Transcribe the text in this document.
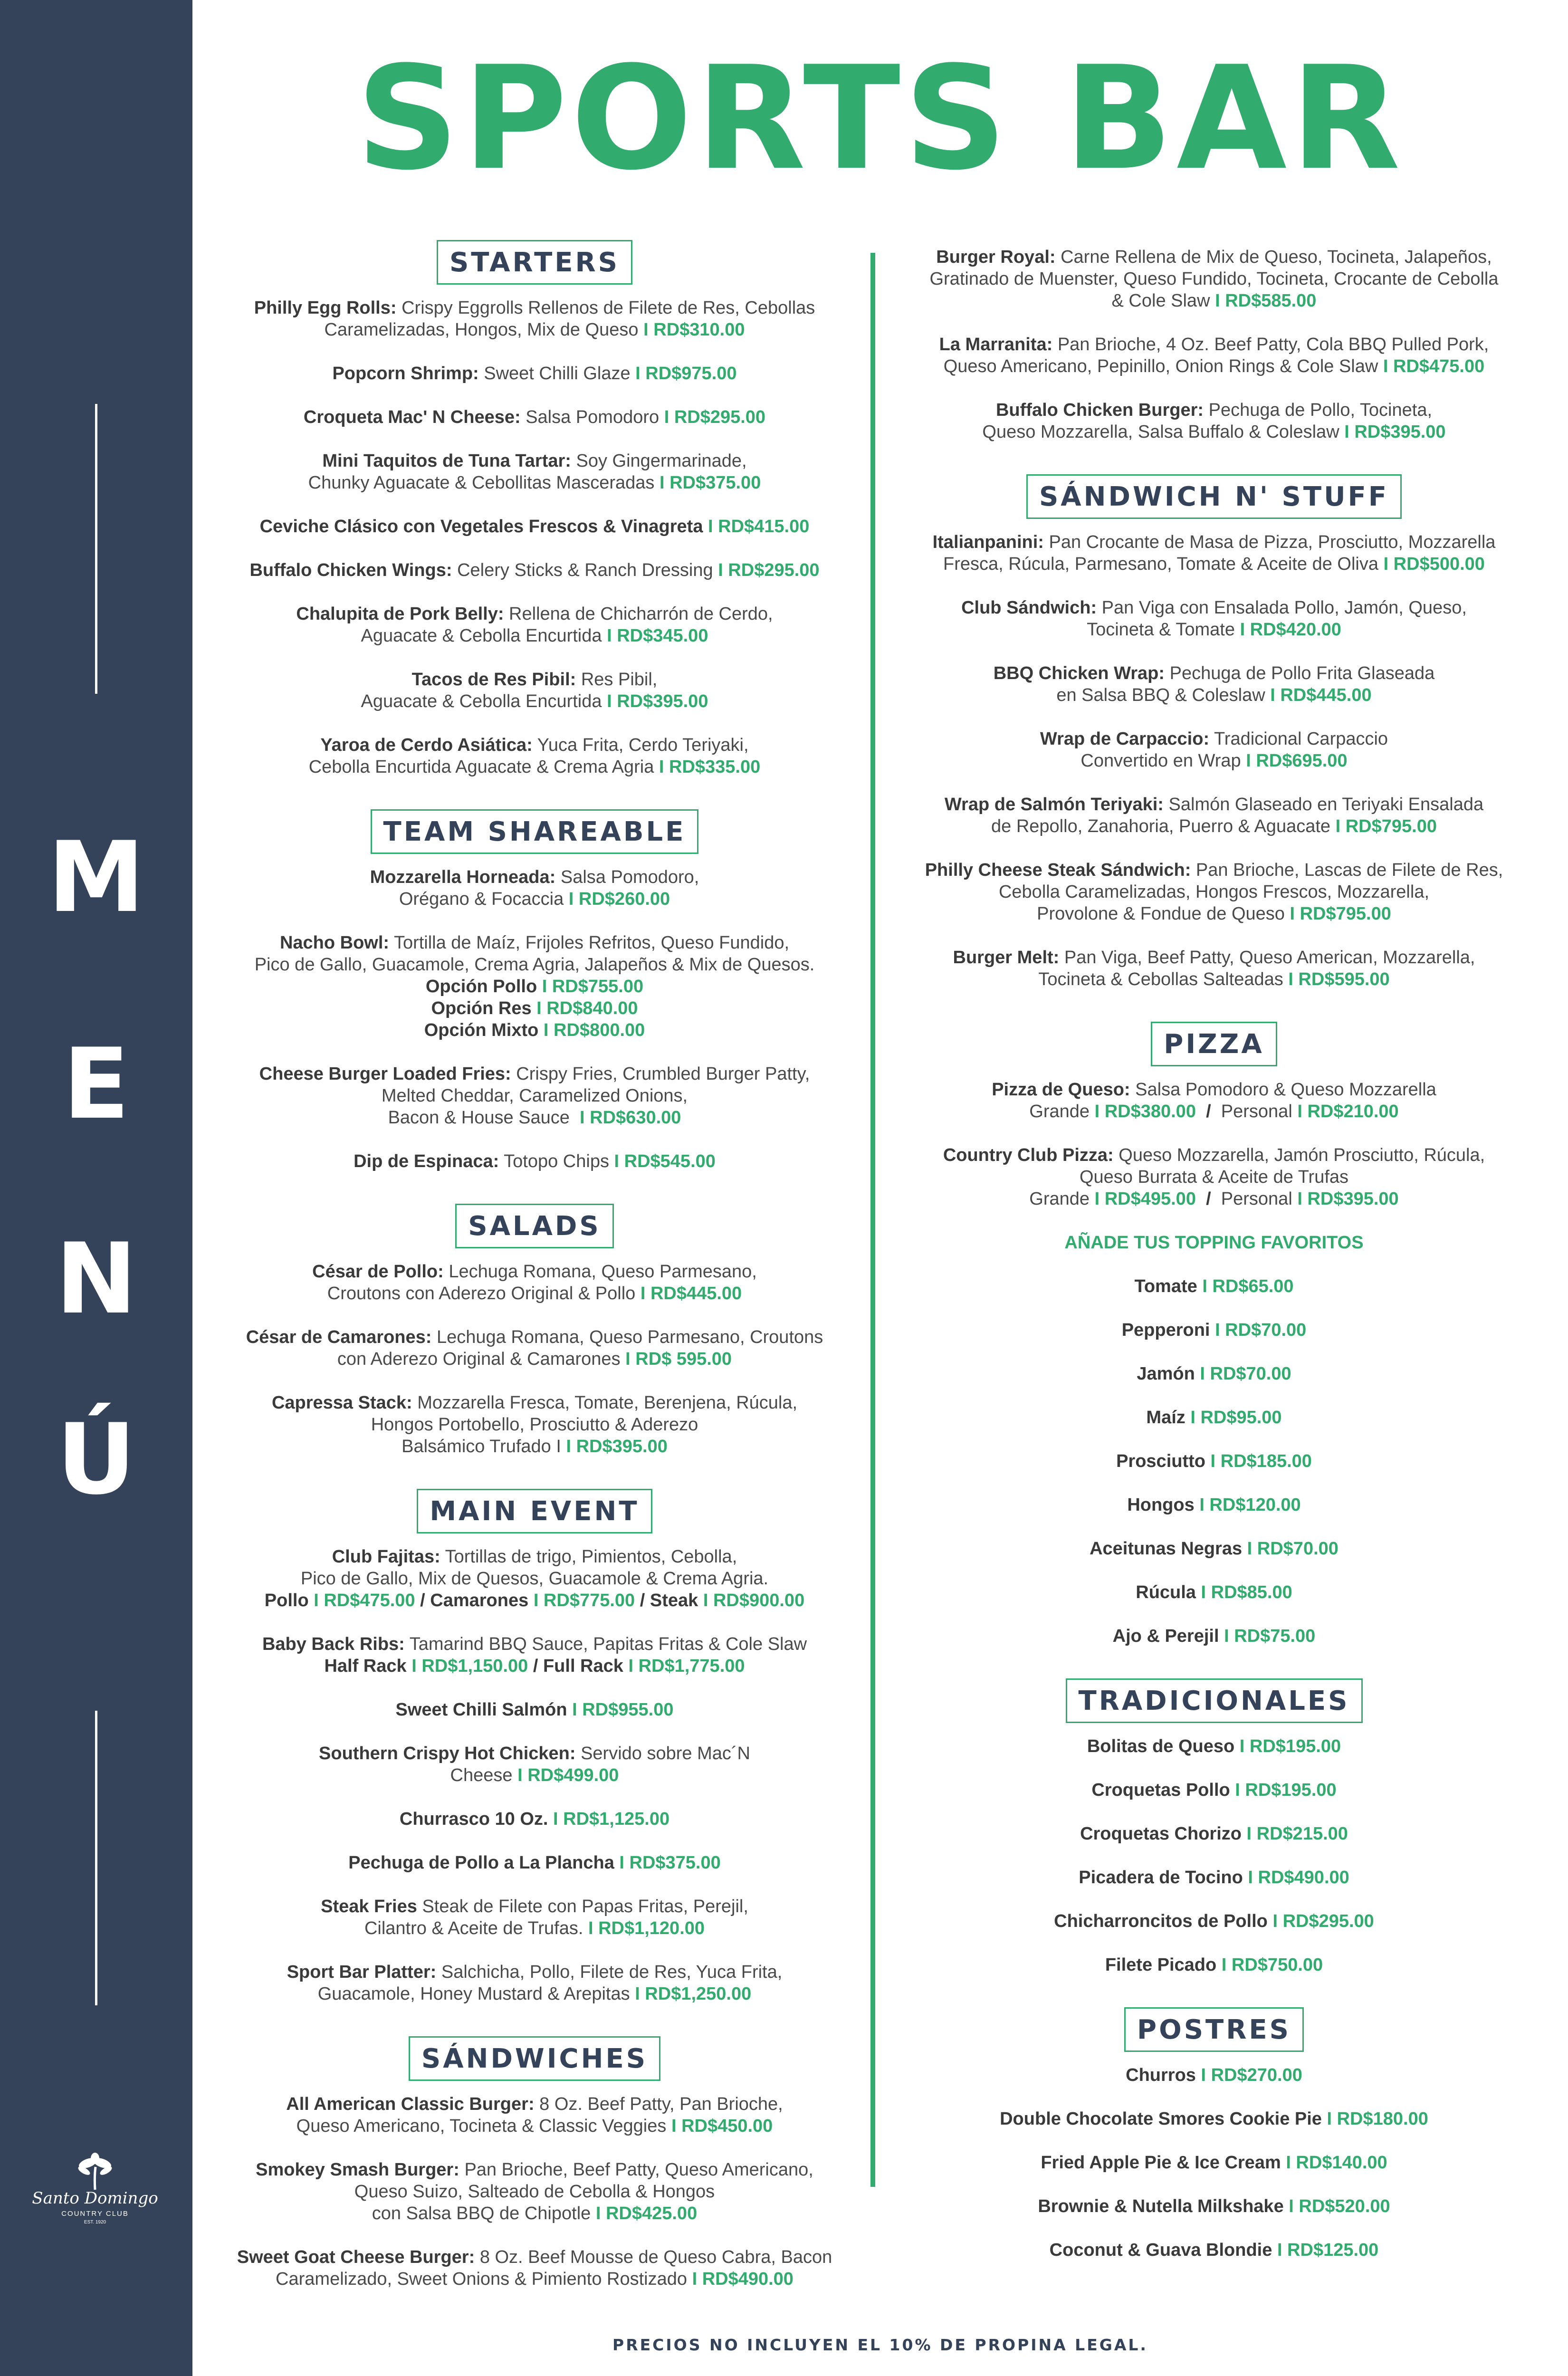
M
E
N
Ú
Santo Domingo
COUNTRY CLUB
EST. 1920
SPORTS BAR
STARTERS
Philly Egg Rolls: Crispy Eggrolls Rellenos de Filete de Res, Cebollas
Caramelizadas, Hongos, Mix de Queso I RD$310.00
Popcorn Shrimp: Sweet Chilli Glaze I RD$975.00
Croqueta Mac' N Cheese: Salsa Pomodoro I RD$295.00
Mini Taquitos de Tuna Tartar: Soy Gingermarinade,
Chunky Aguacate & Cebollitas Masceradas I RD$375.00
Ceviche Clásico con Vegetales Frescos & Vinagreta I RD$415.00
Buffalo Chicken Wings: Celery Sticks & Ranch Dressing I RD$295.00
Chalupita de Pork Belly: Rellena de Chicharrón de Cerdo,
Aguacate & Cebolla Encurtida I RD$345.00
Tacos de Res Pibil: Res Pibil,
Aguacate & Cebolla Encurtida I RD$395.00
Yaroa de Cerdo Asiática: Yuca Frita, Cerdo Teriyaki,
Cebolla Encurtida Aguacate & Crema Agria I RD$335.00
TEAM SHAREABLE
Mozzarella Horneada: Salsa Pomodoro,
Orégano & Focaccia I RD$260.00
Nacho Bowl: Tortilla de Maíz, Frijoles Refritos, Queso Fundido,
Pico de Gallo, Guacamole, Crema Agria, Jalapeños & Mix de Quesos.
Opción Pollo I RD$755.00
Opción Res I RD$840.00
Opción Mixto I RD$800.00
Cheese Burger Loaded Fries: Crispy Fries, Crumbled Burger Patty,
Melted Cheddar, Caramelized Onions,
Bacon & House Sauce I RD$630.00
Dip de Espinaca: Totopo Chips I RD$545.00
SALADS
César de Pollo: Lechuga Romana, Queso Parmesano,
Croutons con Aderezo Original & Pollo I RD$445.00
César de Camarones: Lechuga Romana, Queso Parmesano, Croutons
con Aderezo Original & Camarones I RD$ 595.00
Capressa Stack: Mozzarella Fresca, Tomate, Berenjena, Rúcula,
Hongos Portobello, Prosciutto & Aderezo
Balsámico Trufado I I RD$395.00
MAIN EVENT
Club Fajitas: Tortillas de trigo, Pimientos, Cebolla,
Pico de Gallo, Mix de Quesos, Guacamole & Crema Agria.
Pollo I RD$475.00 / Camarones I RD$775.00 / Steak I RD$900.00
Baby Back Ribs: Tamarind BBQ Sauce, Papitas Fritas & Cole Slaw
Half Rack I RD$1,150.00 / Full Rack I RD$1,775.00
Sweet Chilli Salmón I RD$955.00
Southern Crispy Hot Chicken: Servido sobre Mac´N
Cheese I RD$499.00
Churrasco 10 Oz. I RD$1,125.00
Pechuga de Pollo a La Plancha I RD$375.00
Steak Fries Steak de Filete con Papas Fritas, Perejil,
Cilantro & Aceite de Trufas. I RD$1,120.00
Sport Bar Platter: Salchicha, Pollo, Filete de Res, Yuca Frita,
Guacamole, Honey Mustard & Arepitas I RD$1,250.00
SÁNDWICHES
All American Classic Burger: 8 Oz. Beef Patty, Pan Brioche,
Queso Americano, Tocineta & Classic Veggies I RD$450.00
Smokey Smash Burger: Pan Brioche, Beef Patty, Queso Americano,
Queso Suizo, Salteado de Cebolla & Hongos
con Salsa BBQ de Chipotle I RD$425.00
Sweet Goat Cheese Burger: 8 Oz. Beef Mousse de Queso Cabra, Bacon
Caramelizado, Sweet Onions & Pimiento Rostizado I RD$490.00
Burger Royal: Carne Rellena de Mix de Queso, Tocineta, Jalapeños,
Gratinado de Muenster, Queso Fundido, Tocineta, Crocante de Cebolla
& Cole Slaw I RD$585.00
La Marranita: Pan Brioche, 4 Oz. Beef Patty, Cola BBQ Pulled Pork,
Queso Americano, Pepinillo, Onion Rings & Cole Slaw I RD$475.00
Buffalo Chicken Burger: Pechuga de Pollo, Tocineta,
Queso Mozzarella, Salsa Buffalo & Coleslaw I RD$395.00
SÁNDWICH N' STUFF
Italianpanini: Pan Crocante de Masa de Pizza, Prosciutto, Mozzarella
Fresca, Rúcula, Parmesano, Tomate & Aceite de Oliva I RD$500.00
Club Sándwich: Pan Viga con Ensalada Pollo, Jamón, Queso,
Tocineta & Tomate I RD$420.00
BBQ Chicken Wrap: Pechuga de Pollo Frita Glaseada
en Salsa BBQ & Coleslaw I RD$445.00
Wrap de Carpaccio: Tradicional Carpaccio
Convertido en Wrap I RD$695.00
Wrap de Salmón Teriyaki: Salmón Glaseado en Teriyaki Ensalada
de Repollo, Zanahoria, Puerro & Aguacate I RD$795.00
Philly Cheese Steak Sándwich: Pan Brioche, Lascas de Filete de Res,
Cebolla Caramelizadas, Hongos Frescos, Mozzarella,
Provolone & Fondue de Queso I RD$795.00
Burger Melt: Pan Viga, Beef Patty, Queso American, Mozzarella,
Tocineta & Cebollas Salteadas I RD$595.00
PIZZA
Pizza de Queso: Salsa Pomodoro & Queso Mozzarella
Grande I RD$380.00 / Personal I RD$210.00
Country Club Pizza: Queso Mozzarella, Jamón Prosciutto, Rúcula,
Queso Burrata & Aceite de Trufas
Grande I RD$495.00 / Personal I RD$395.00
AÑADE TUS TOPPING FAVORITOS
Tomate I RD$65.00
Pepperoni I RD$70.00
Jamón I RD$70.00
Maíz I RD$95.00
Prosciutto I RD$185.00
Hongos I RD$120.00
Aceitunas Negras I RD$70.00
Rúcula I RD$85.00
Ajo & Perejil I RD$75.00
TRADICIONALES
Bolitas de Queso I RD$195.00
Croquetas Pollo I RD$195.00
Croquetas Chorizo I RD$215.00
Picadera de Tocino I RD$490.00
Chicharroncitos de Pollo I RD$295.00
Filete Picado I RD$750.00
POSTRES
Churros I RD$270.00
Double Chocolate Smores Cookie Pie I RD$180.00
Fried Apple Pie & Ice Cream I RD$140.00
Brownie & Nutella Milkshake I RD$520.00
Coconut & Guava Blondie I RD$125.00
PRECIOS NO INCLUYEN EL 10% DE PROPINA LEGAL.
